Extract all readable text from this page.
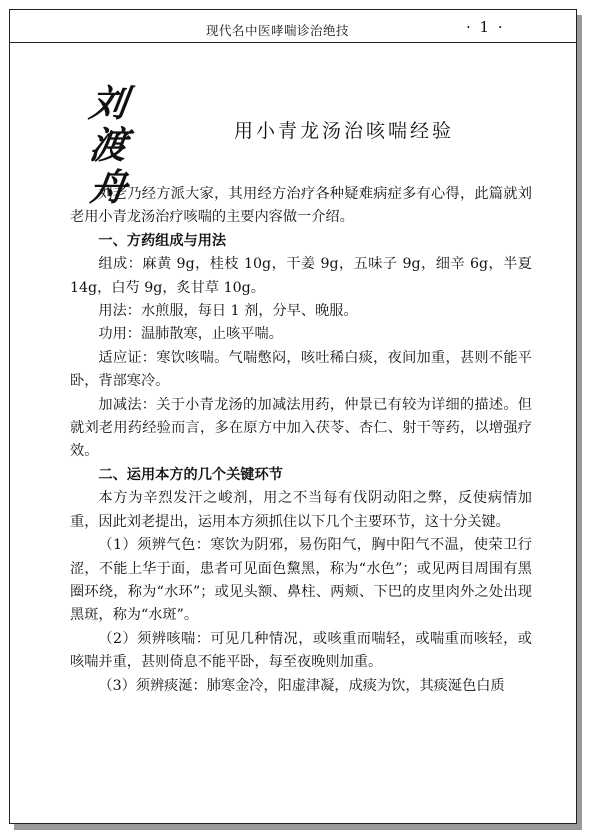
现代名中医哮喘诊治绝技	· 1 ·
刘
渡
舟
用小青龙汤治咳喘经验

刘老乃经方派大家，其用经方治疗各种疑难病症多有心得，此篇就刘老用小青龙汤治疗咳喘的主要内容做一介绍。

一、方药组成与用法

组成：麻黄 9g，桂枝 10g，干姜 9g，五味子 9g，细辛 6g，半夏 14g，白芍 9g，炙甘草 10g。

用法：水煎服，每日 1 剂，分早、晚服。

功用：温肺散寒，止咳平喘。

适应证：寒饮咳喘。气喘憋闷，咳吐稀白痰，夜间加重，甚则不能平卧，背部寒冷。

加减法：关于小青龙汤的加减法用药，仲景已有较为详细的描述。但就刘老用药经验而言，多在原方中加入茯苓、杏仁、射干等药，以增强疗效。

二、运用本方的几个关键环节

本方为辛烈发汗之峻剂，用之不当每有伐阴动阳之弊，反使病情加重，因此刘老提出，运用本方须抓住以下几个主要环节，这十分关键。

（1）须辨气色：寒饮为阴邪，易伤阳气，胸中阳气不温，使荣卫行涩，不能上华于面，患者可见面色黧黑，称为“水色”；或见两目周围有黑圈环绕，称为“水环”；或见头额、鼻柱、两颊、下巴的皮里肉外之处出现黑斑，称为“水斑”。

（2）须辨咳喘：可见几种情况，或咳重而喘轻，或喘重而咳轻，或咳喘并重，甚则倚息不能平卧，每至夜晚则加重。

（3）须辨痰涎：肺寒金冷，阳虚津凝，成痰为饮，其痰涎色白质
